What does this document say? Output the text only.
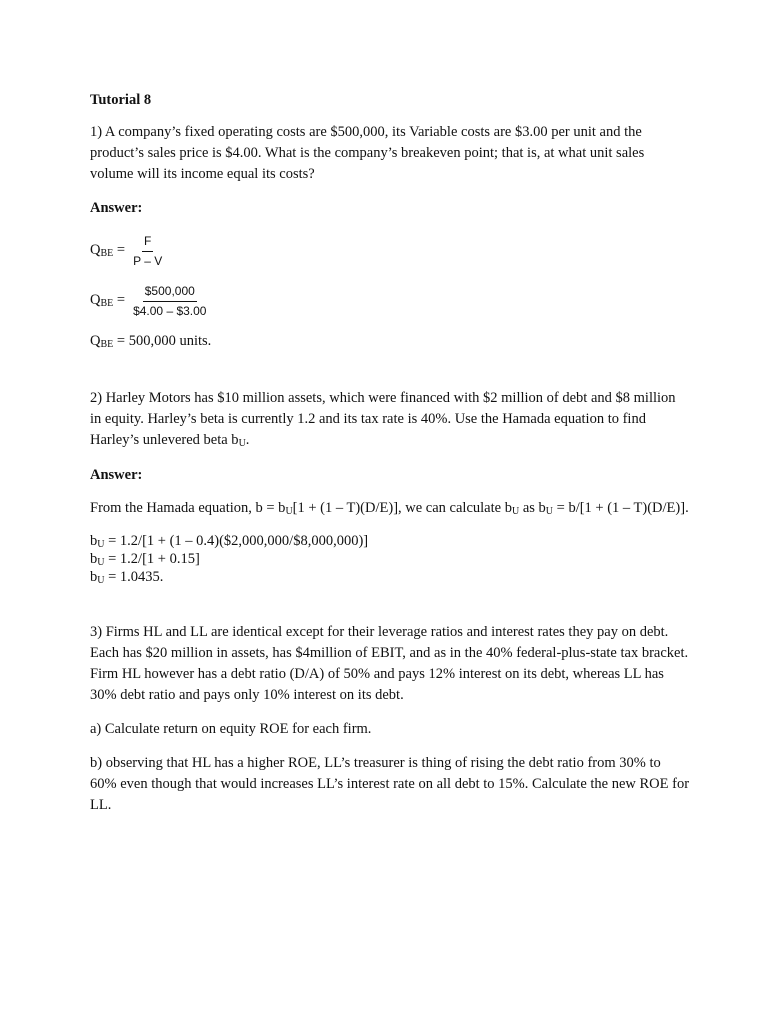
Tutorial 8

1) A company’s fixed operating costs are $500,000, its Variable costs are $3.00 per unit and the product’s sales price is $4.00. What is the company’s breakeven point; that is, at what unit sales volume will its income equal its costs?

Answer:

$Q_{BE} = \frac{F}{P - V}$
$Q_{BE} = \frac{\$500,000}{\$4.00 - \$3.00}$

$Q_{BE} = 500,000$ units.

2) Harley Motors has $10 million assets, which were financed with $2 million of debt and $8 million in equity. Harley’s beta is currently 1.2 and its tax rate is 40%. Use the Hamada equation to find Harley’s unlevered beta $b_U$.

Answer:

From the Hamada equation, $b = b_U[1 + (1 - T)(D/E)]$, we can calculate $b_U$ as $b_U = b/[1 + (1 - T)(D/E)]$.

$b_U = 1.2/[1 + (1$ – 0.4)($2,000,000/$8,000,000)]

$b_U = 1.2/[1 + 0.15]$

$b_U = 1.0435$.

3) Firms HL and LL are identical except for their leverage ratios and interest rates they pay on debt. Each has $20 million in assets, has $4million of EBIT, and as in the 40% federal-plus-state tax bracket. Firm HL however has a debt ratio (D/A) of 50% and pays 12% interest on its debt, whereas LL has 30% debt ratio and pays only 10% interest on its debt.

a) Calculate return on equity ROE for each firm.

b) observing that HL has a higher ROE, LL’s treasurer is thing of rising the debt ratio from 30% to 60% even though that would increases LL’s interest rate on all debt to 15%. Calculate the new ROE for LL.
